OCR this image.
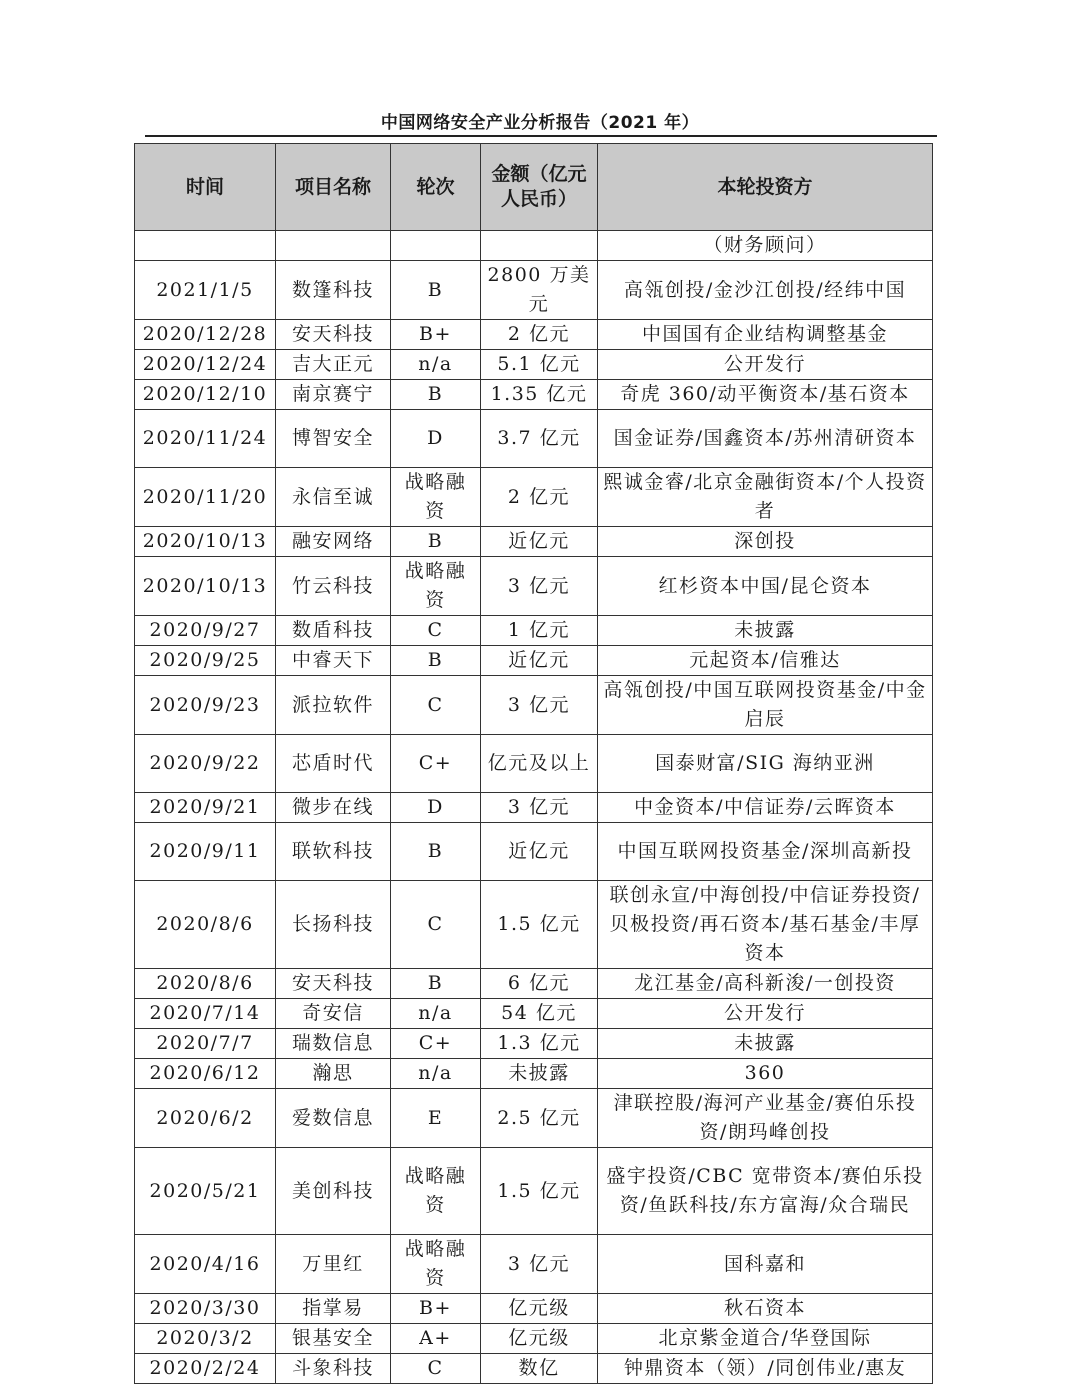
中国网络安全产业分析报告（2021 年）
时间	项目名称	轮次	金额（亿元人民币）	本轮投资方
				（财务顾问）
2021/1/5	数篷科技	B	2800 万美元	高瓴创投/金沙江创投/经纬中国
2020/12/28	安天科技	B+	2 亿元	中国国有企业结构调整基金
2020/12/24	吉大正元	n/a	5.1 亿元	公开发行
2020/12/10	南京赛宁	B	1.35 亿元	奇虎 360/动平衡资本/基石资本
2020/11/24	博智安全	D	3.7 亿元	国金证券/国鑫资本/苏州清研资本
2020/11/20	永信至诚	战略融资	2 亿元	熙诚金睿/北京金融街资本/个人投资者
2020/10/13	融安网络	B	近亿元	深创投
2020/10/13	竹云科技	战略融资	3 亿元	红杉资本中国/昆仑资本
2020/9/27	数盾科技	C	1 亿元	未披露
2020/9/25	中睿天下	B	近亿元	元起资本/信雅达
2020/9/23	派拉软件	C	3 亿元	高瓴创投/中国互联网投资基金/中金启辰
2020/9/22	芯盾时代	C+	亿元及以上	国泰财富/SIG 海纳亚洲
2020/9/21	微步在线	D	3 亿元	中金资本/中信证券/云晖资本
2020/9/11	联软科技	B	近亿元	中国互联网投资基金/深圳高新投
2020/8/6	长扬科技	C	1.5 亿元	联创永宣/中海创投/中信证券投资/贝极投资/再石资本/基石基金/丰厚资本
2020/8/6	安天科技	B	6 亿元	龙江基金/高科新浚/一创投资
2020/7/14	奇安信	n/a	54 亿元	公开发行
2020/7/7	瑞数信息	C+	1.3 亿元	未披露
2020/6/12	瀚思	n/a	未披露	360
2020/6/2	爱数信息	E	2.5 亿元	津联控股/海河产业基金/赛伯乐投资/朗玛峰创投
2020/5/21	美创科技	战略融资	1.5 亿元	盛宇投资/CBC 宽带资本/赛伯乐投资/鱼跃科技/东方富海/众合瑞民
2020/4/16	万里红	战略融资	3 亿元	国科嘉和
2020/3/30	指掌易	B+	亿元级	秋石资本
2020/3/2	银基安全	A+	亿元级	北京紫金道合/华登国际
2020/2/24	斗象科技	C	数亿	钟鼎资本（领）/同创伟业/惠友
